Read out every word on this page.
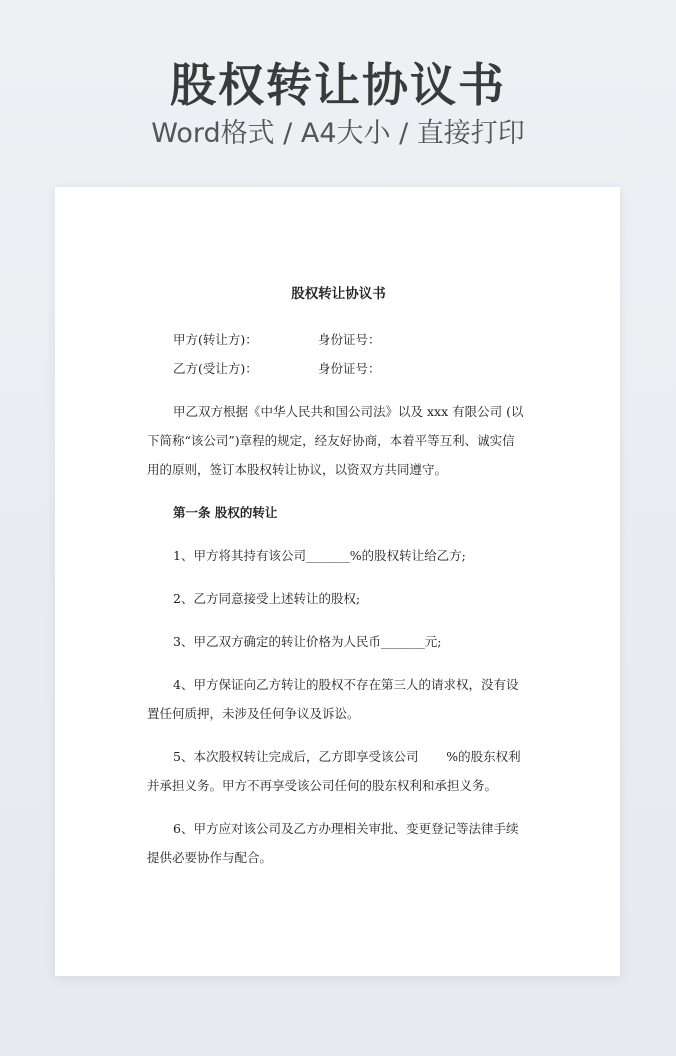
股权转让协议书
Word格式 / A4大小 / 直接打印

股权转让协议书

甲方(转让方)：	身份证号：
乙方(受让方)：	身份证号：

甲乙双方根据《中华人民共和国公司法》以及 xxx 有限公司 (以

下简称“该公司”)章程的规定，经友好协商，本着平等互利、诚实信

用的原则，签订本股权转让协议，以资双方共同遵守。

第一条 股权的转让

1、甲方将其持有该公司_______%的股权转让给乙方;

2、乙方同意接受上述转让的股权;

3、甲乙双方确定的转让价格为人民币_______元;

4、甲方保证向乙方转让的股权不存在第三人的请求权，没有设

置任何质押，未涉及任何争议及诉讼。

5、本次股权转让完成后，乙方即享受该公司       %的股东权利

并承担义务。甲方不再享受该公司任何的股东权利和承担义务。

6、甲方应对该公司及乙方办理相关审批、变更登记等法律手续

提供必要协作与配合。
